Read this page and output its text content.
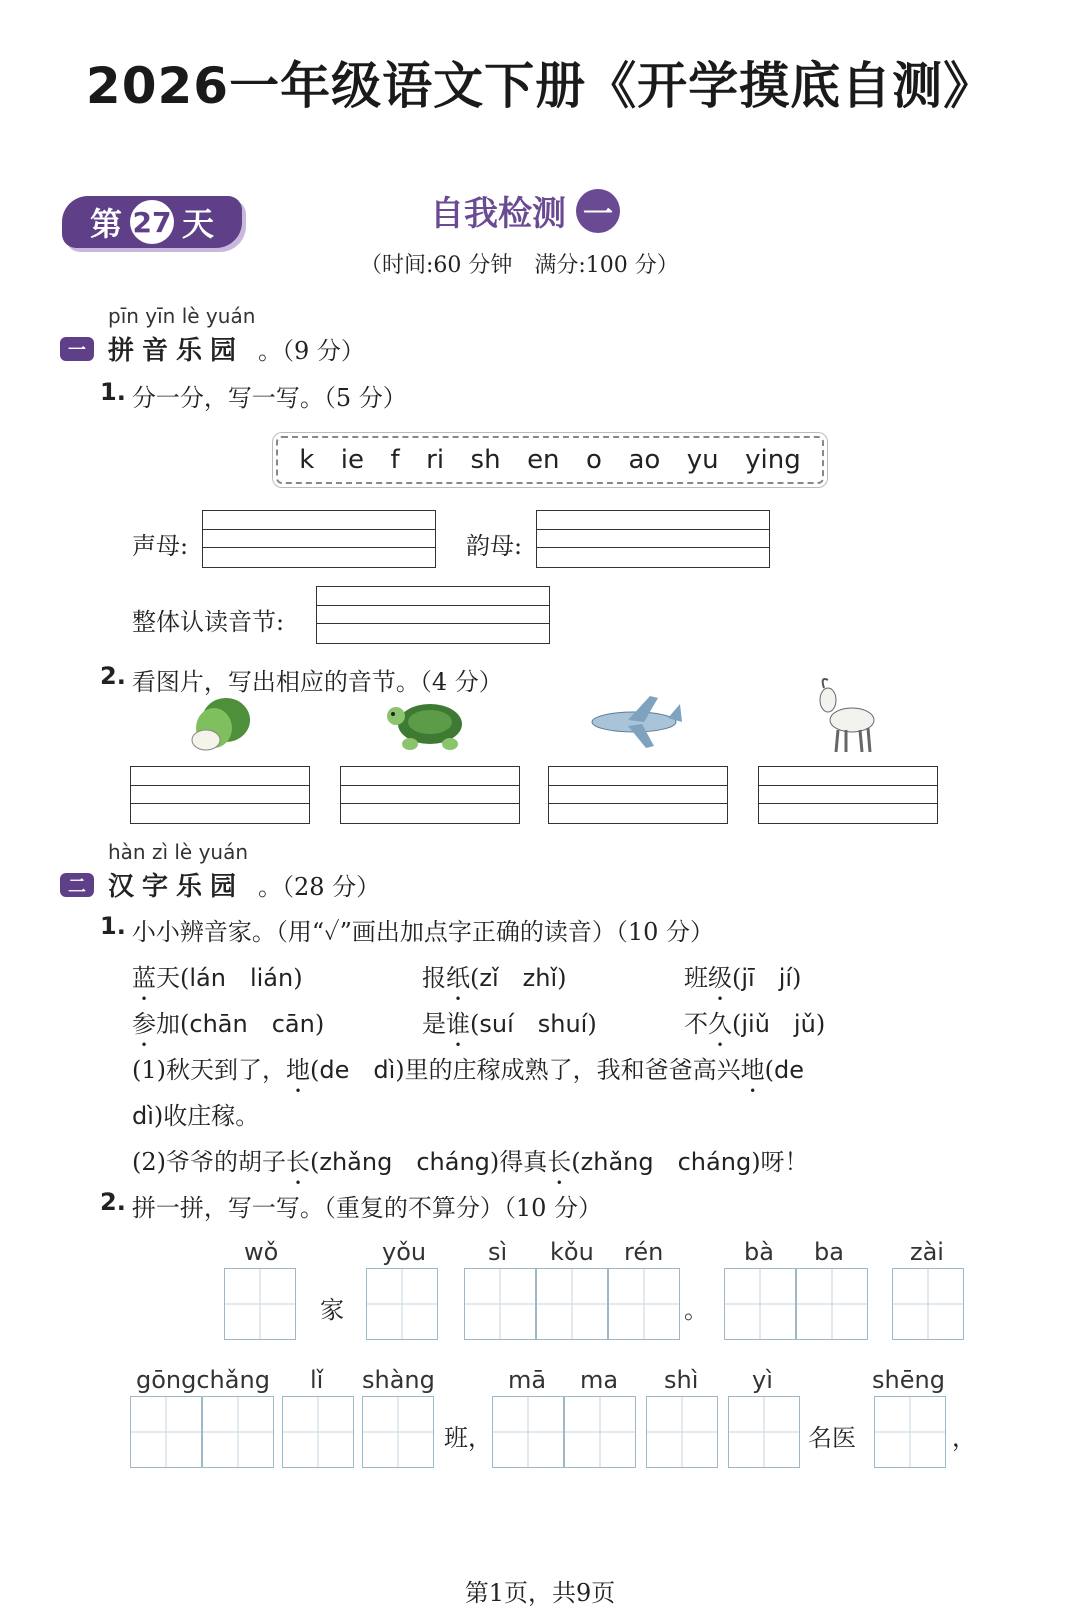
2026一年级语文下册《开学摸底自测》
第 27 天	自我检测 一
（时间:60 分钟　满分:100 分）
pīn yīn lè yuán
一 拼音乐园 。（9 分）
1. 分一分，写一写。（5 分）
k ie f ri sh en o ao yu ying
声母:	韵母:
整体认读音节:
2. 看图片，写出相应的音节。（4 分）
hàn zì lè yuán
二 汉字乐园 。（28 分）
1. 小小辨音家。（用“✓”画出加点字正确的读音）（10 分）
蓝天(lán　lián)	报纸(zǐ　zhǐ)	班级(jī　jí)
参加(chān　cān)	是谁(suí　shuí)	不久(jiǔ　jǔ)
(1)秋天到了，地(de　dì)里的庄稼成熟了，我和爸爸高兴地(de
dì)收庄稼。
(2)爷爷的胡子长(zhǎng　cháng)得真长(zhǎng　cháng)呀！
2. 拼一拼，写一写。（重复的不算分）（10 分）
wǒ	yǒu	sì kǒu rén	bà ba	zài
家	。
gōngchǎng lǐ shàng	mā ma shì yì	shēng
班，	名医	，
第1页，共9页
